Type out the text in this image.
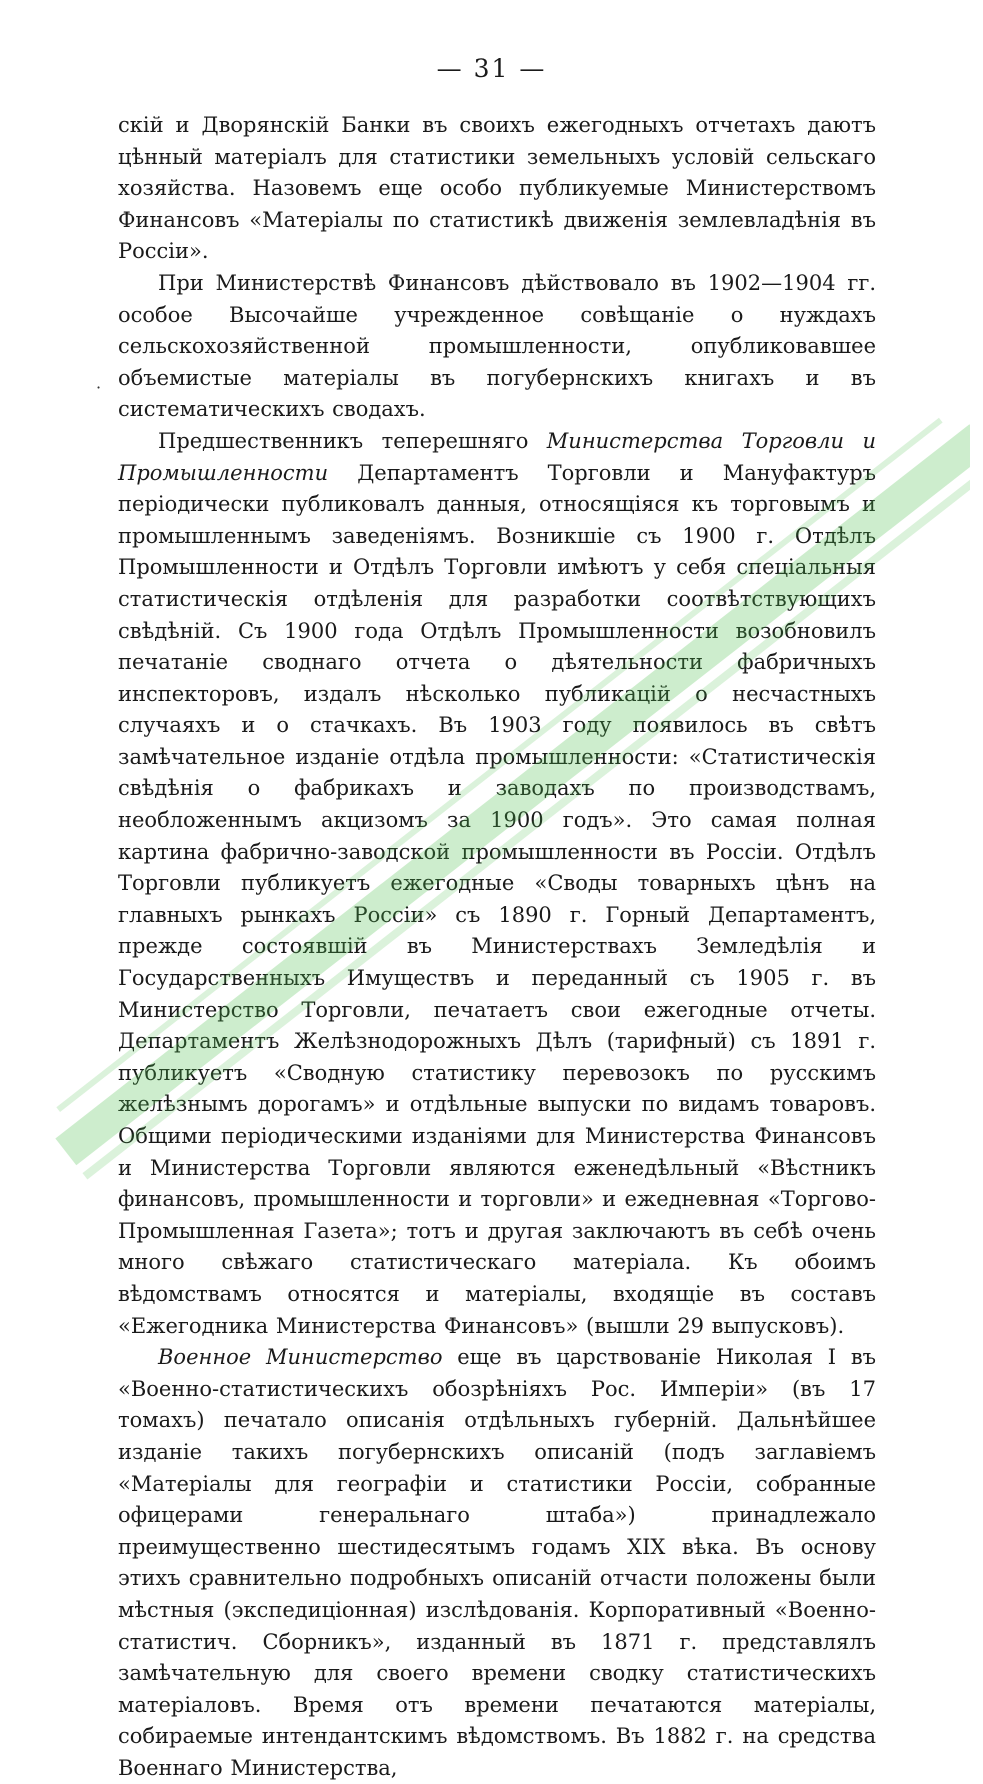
— 31 —
·

скій и Дворянскій Банки въ своихъ ежегодныхъ отчетахъ даютъ цѣнный матеріалъ для статистики земельныхъ условій сельскаго хозяйства. Назовемъ еще особо публикуемые Министерствомъ Финансовъ «Матеріалы по статистикѣ движенія землевладѣнія въ Россіи».

При Министерствѣ Финансовъ дѣйствовало въ 1902—1904 гг. особое Высочайше учрежденное совѣщаніе о нуждахъ сельскохозяйственной промышленности, опубликовавшее объемистые матеріалы въ погубернскихъ книгахъ и въ систематическихъ сводахъ.

Предшественникъ теперешняго Министерства Торговли и Промышленности Департаментъ Торговли и Мануфактуръ періодически публиковалъ данныя, относящіяся къ торговымъ и промышленнымъ заведеніямъ. Возникшіе съ 1900 г. Отдѣлъ Промышленности и Отдѣлъ Торговли имѣютъ у себя спеціальныя статистическія отдѣленія для разработки соотвѣтствующихъ свѣдѣній. Съ 1900 года Отдѣлъ Промышленности возобновилъ печатаніе своднаго отчета о дѣятельности фабричныхъ инспекторовъ, издалъ нѣсколько публикацій о несчастныхъ случаяхъ и о стачкахъ. Въ 1903 году появилось въ свѣтъ замѣчательное изданіе отдѣла промышленности: «Статистическія свѣдѣнія о фабрикахъ и заводахъ по производствамъ, необложеннымъ акцизомъ за 1900 годъ». Это самая полная картина фабрично-заводской промышленности въ Россіи. Отдѣлъ Торговли публикуетъ ежегодные «Своды товарныхъ цѣнъ на главныхъ рынкахъ Россіи» съ 1890 г. Горный Департаментъ, прежде состоявшій въ Министерствахъ Земледѣлія и Государственныхъ Имуществъ и переданный съ 1905 г. въ Министерство Торговли, печатаетъ свои ежегодные отчеты. Департаментъ Желѣзнодорожныхъ Дѣлъ (тарифный) съ 1891 г. публикуетъ «Сводную статистику перевозокъ по русскимъ желѣзнымъ дорогамъ» и отдѣльные выпуски по видамъ товаровъ. Общими періодическими изданіями для Министерства Финансовъ и Министерства Торговли являются еженедѣльный «Вѣстникъ финансовъ, промышленности и торговли» и ежедневная «Торгово-Промышленная Газета»; тотъ и другая заключаютъ въ себѣ очень много свѣжаго статистическаго матеріала. Къ обоимъ вѣдомствамъ относятся и матеріалы, входящіе въ составъ «Ежегодника Министерства Финансовъ» (вышли 29 выпусковъ).

Военное Министерство еще въ царствованіе Николая I въ «Военно-статистическихъ обозрѣніяхъ Рос. Имперіи» (въ 17 томахъ) печатало описанія отдѣльныхъ губерній. Дальнѣйшее изданіе такихъ погубернскихъ описаній (подъ заглавіемъ «Матеріалы для географіи и статистики Россіи, собранные офицерами генеральнаго штаба») принадлежало преимущественно шестидесятымъ годамъ XIX вѣка. Въ основу этихъ сравнительно подробныхъ описаній отчасти положены были мѣстныя (экспедиціонная) изслѣдованія. Корпоративный «Военно-статистич. Сборникъ», изданный въ 1871 г. представлялъ замѣчательную для своего времени сводку статистическихъ матеріаловъ. Время отъ времени печатаются матеріалы, собираемые интендантскимъ вѣдомствомъ. Въ 1882 г. на средства Военнаго Министерства,
